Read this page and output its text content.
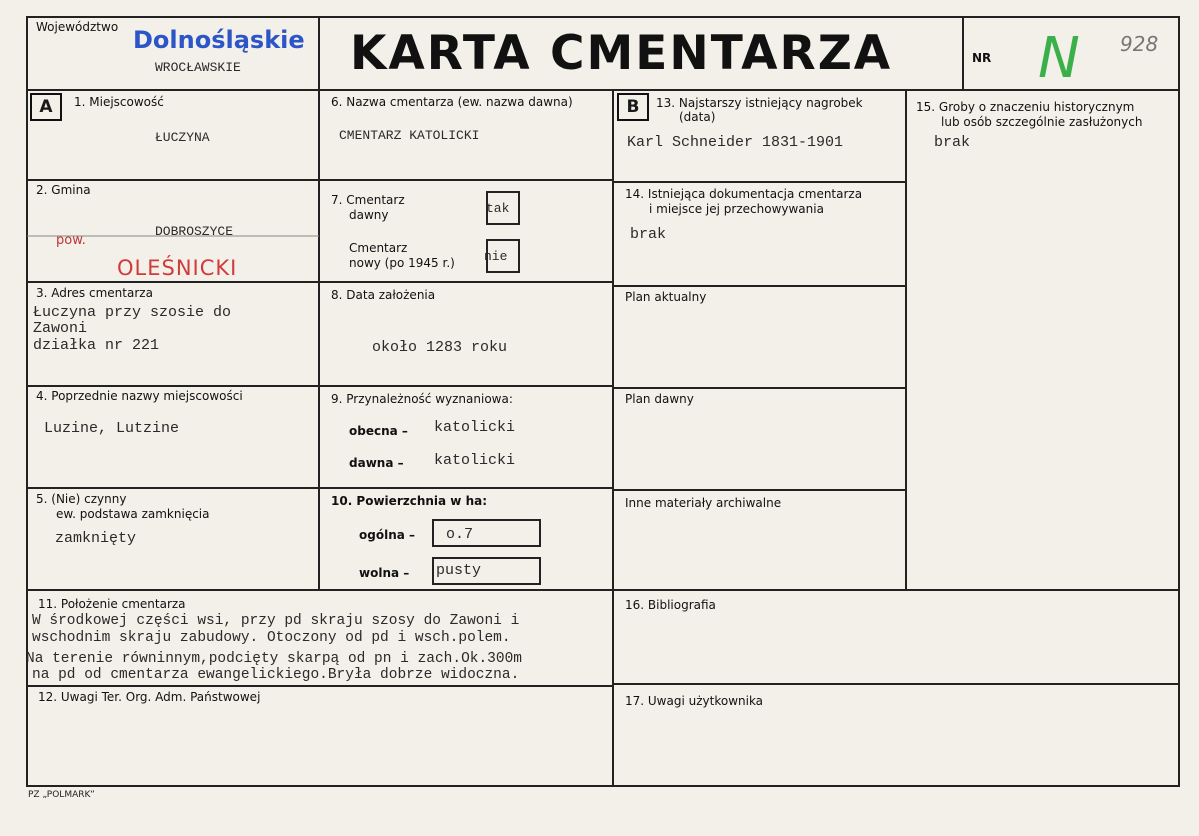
Województwo Dolnośląskie
WROCŁAWSKIE KARTA CMENTARZA	NR N 928
A	1. Miejscowość
ŁUCZYNA
2. Gmina
DOBROSZYCE
pow.
OLEŚNICKI
3. Adres cmentarza
Łuczyna przy szosie do
Zawoni
działka nr 221
4. Poprzednie nazwy miejscowości
Luzine, Lutzine
5. (Nie) czynny
ew. podstawa zamknięcia
zamknięty
6. Nazwa cmentarza (ew. nazwa dawna)
CMENTARZ KATOLICKI
7. Cmentarz
dawny	tak
Cmentarz
nowy (po 1945 r.) nie
8. Data założenia
około 1283 roku
9. Przynależność wyznaniowa:
obecna – katolicki
dawna – katolicki
10. Powierzchnia w ha:
ogólna – o.7
wolna – pusty
11. Położenie cmentarza
W środkowej części wsi, przy pd skraju szosy do Zawoni i
wschodnim skraju zabudowy. Otoczony od pd i wsch.polem.
Na terenie równinnym,podcięty skarpą od pn i zach.Ok.300m
na pd od cmentarza ewangelickiego.Bryła dobrze widoczna.
12. Uwagi Ter. Org. Adm. Państwowej
B	13. Najstarszy istniejący nagrobek
(data)
Karl Schneider 1831-1901
14. Istniejąca dokumentacja cmentarza
i miejsce jej przechowywania
brak
Plan aktualny
Plan dawny
Inne materiały archiwalne
15. Groby o znaczeniu historycznym
lub osób szczególnie zasłużonych
brak
16. Bibliografia
17. Uwagi użytkownika
PZ „POLMARK”
